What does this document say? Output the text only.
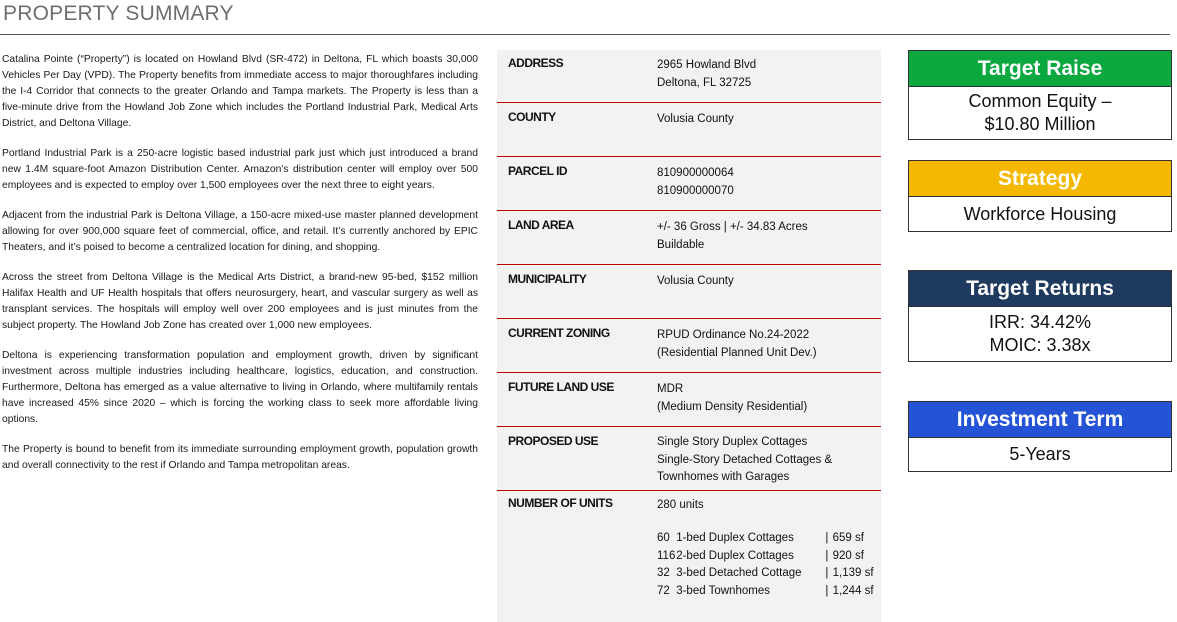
PROPERTY SUMMARY

Catalina Pointe (“Property”) is located on Howland Blvd (SR-472) in Deltona, FL which boasts 30,000 Vehicles Per Day (VPD). The Property benefits from immediate access to major thoroughfares including the I-4 Corridor that connects to the greater Orlando and Tampa markets. The Property is less than a five-minute drive from the Howland Job Zone which includes the Portland Industrial Park, Medical Arts District, and Deltona Village.

Portland Industrial Park is a 250-acre logistic based industrial park just which just introduced a brand new 1.4M square-foot Amazon Distribution Center. Amazon’s distribution center will employ over 500 employees and is expected to employ over 1,500 employees over the next three to eight years.

Adjacent from the industrial Park is Deltona Village, a 150-acre mixed-use master planned development allowing for over 900,000 square feet of commercial, office, and retail. It’s currently anchored by EPIC Theaters, and it’s poised to become a centralized location for dining, and shopping.

Across the street from Deltona Village is the Medical Arts District, a brand-new 95-bed, $152 million Halifax Health and UF Health hospitals that offers neurosurgery, heart, and vascular surgery as well as transplant services. The hospitals will employ well over 200 employees and is just minutes from the subject property. The Howland Job Zone has created over 1,000 new employees.

Deltona is experiencing transformation population and employment growth, driven by significant investment across multiple industries including healthcare, logistics, education, and construction. Furthermore, Deltona has emerged as a value alternative to living in Orlando, where multifamily rentals have increased 45% since 2020 – which is forcing the working class to seek more affordable living options.

The Property is bound to benefit from its immediate surrounding employment growth, population growth and overall connectivity to the rest if Orlando and Tampa metropolitan areas.

ADDRESS	2965 Howland Blvd
Deltona, FL 32725
COUNTY	Volusia County
PARCEL ID	810900000064
810900000070
LAND AREA	+/- 36 Gross | +/- 34.83 Acres
Buildable
MUNICIPALITY	Volusia County
CURRENT ZONING	RPUD Ordinance No.24-2022
(Residential Planned Unit Dev.)
FUTURE LAND USE	MDR
(Medium Density Residential)
PROPOSED USE	Single Story Duplex Cottages
Single-Story Detached Cottages &
Townhomes with Garages
NUMBER OF UNITS	280 units
60 1-bed Duplex Cottages	| 659 sf
116 2-bed Duplex Cottages	| 920 sf
32 3-bed Detached Cottage | 1,139 sf
72 3-bed Townhomes	| 1,244 sf
Target Raise
Common Equity –
$10.80 Million
Strategy
Workforce Housing
Target Returns
IRR: 34.42%
MOIC: 3.38x
Investment Term
5-Years
